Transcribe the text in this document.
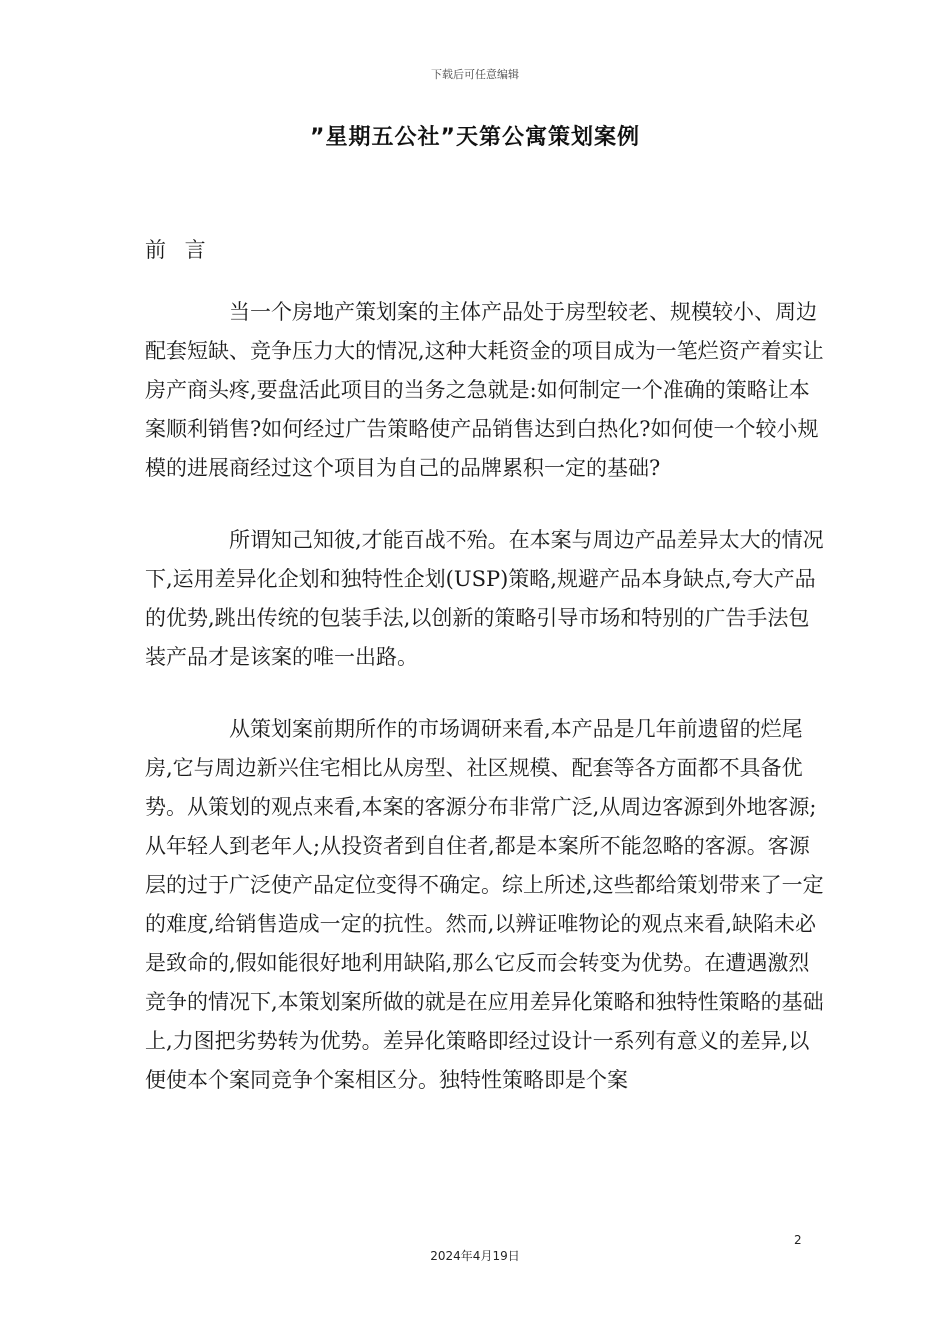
下载后可任意编辑
”星期五公社”天第公寓策划案例
前 言

当一个房地产策划案的主体产品处于房型较老、规模较小、周边配套短缺、竞争压力大的情况,这种大耗资金的项目成为一笔烂资产着实让房产商头疼,要盘活此项目的当务之急就是:如何制定一个准确的策略让本案顺利销售?如何经过广告策略使产品销售达到白热化?如何使一个较小规模的进展商经过这个项目为自己的品牌累积一定的基础?

所谓知己知彼,才能百战不殆。在本案与周边产品差异太大的情况下,运用差异化企划和独特性企划(USP)策略,规避产品本身缺点,夸大产品的优势,跳出传统的包装手法,以创新的策略引导市场和特别的广告手法包装产品才是该案的唯一出路。

从策划案前期所作的市场调研来看,本产品是几年前遗留的烂尾房,它与周边新兴住宅相比从房型、社区规模、配套等各方面都不具备优势。从策划的观点来看,本案的客源分布非常广泛,从周边客源到外地客源;从年轻人到老年人;从投资者到自住者,都是本案所不能忽略的客源。客源层的过于广泛使产品定位变得不确定。综上所述,这些都给策划带来了一定的难度,给销售造成一定的抗性。然而,以辨证唯物论的观点来看,缺陷未必是致命的,假如能很好地利用缺陷,那么它反而会转变为优势。在遭遇激烈竞争的情况下,本策划案所做的就是在应用差异化策略和独特性策略的基础上,力图把劣势转为优势。差异化策略即经过设计一系列有意义的差异,以便使本个案同竞争个案相区分。独特性策略即是个案

2
2024年4月19日
